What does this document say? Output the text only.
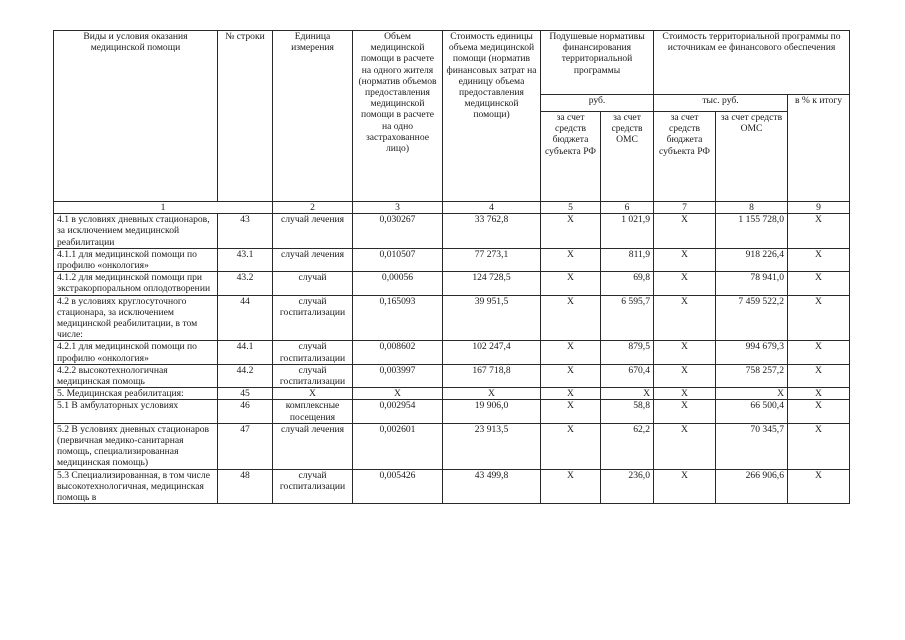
Виды и условия оказания медицинской помощи	№ строки	Единица измерения	Объем медицинской помощи в расчете на одного жителя (норматив объемов предоставления медицинской помощи в расчете на одно застрахованное лицо)	Стоимость единицы объема медицинской помощи (норматив финансовых затрат на единицу объема предоставления медицинской помощи)	Подушевые нормативы финансирования территориальной программы		Стоимость территориальной программы по источникам ее финансового обеспечения		
					руб.		тыс. руб.		в % к итогу
					за счет средств бюджета субъекта РФ	за счет средств ОМС	за счет средств бюджета субъекта РФ	за счет средств ОМС	
1		2	3	4	5	6	7	8	9
4.1 в условиях дневных стационаров, за исключением медицинской реабилитации	43	случай лечения	0,030267	33 762,8	Х	1 021,9	Х	1 155 728,0	Х
4.1.1 для медицинской помощи по профилю «онкология»	43.1	случай лечения	0,010507	77 273,1	Х	811,9	Х	918 226,4	Х
4.1.2 для медицинской помощи при экстракорпоральном оплодотворении	43.2	случай	0,00056	124 728,5	Х	69,8	Х	78 941,0	Х
4.2 в условиях круглосуточного стационара, за исключением медицинской реабилитации, в том числе:	44	случай госпитализации	0,165093	39 951,5	Х	6 595,7	Х	7 459 522,2	Х
4.2.1 для медицинской помощи по профилю «онкология»	44.1	случай госпитализации	0,008602	102 247,4	Х	879,5	Х	994 679,3	Х
4.2.2 высокотехнологичная медицинская помощь	44.2	случай госпитализации	0,003997	167 718,8	Х	670,4	Х	758 257,2	Х
5. Медицинская реабилитация:	45	Х	Х	Х	Х	Х	Х	Х	Х
5.1 В амбулаторных условиях	46	комплексные посещения	0,002954	19 906,0	Х	58,8	Х	66 500,4	Х
5.2 В условиях дневных стационаров (первичная медико-санитарная помощь, специализированная медицинская помощь)	47	случай лечения	0,002601	23 913,5	Х	62,2	Х	70 345,7	Х
5.3 Специализированная, в том числе высокотехнологичная, медицинская помощь в	48	случай госпитализации	0,005426	43 499,8	Х	236,0	Х	266 906,6	Х
